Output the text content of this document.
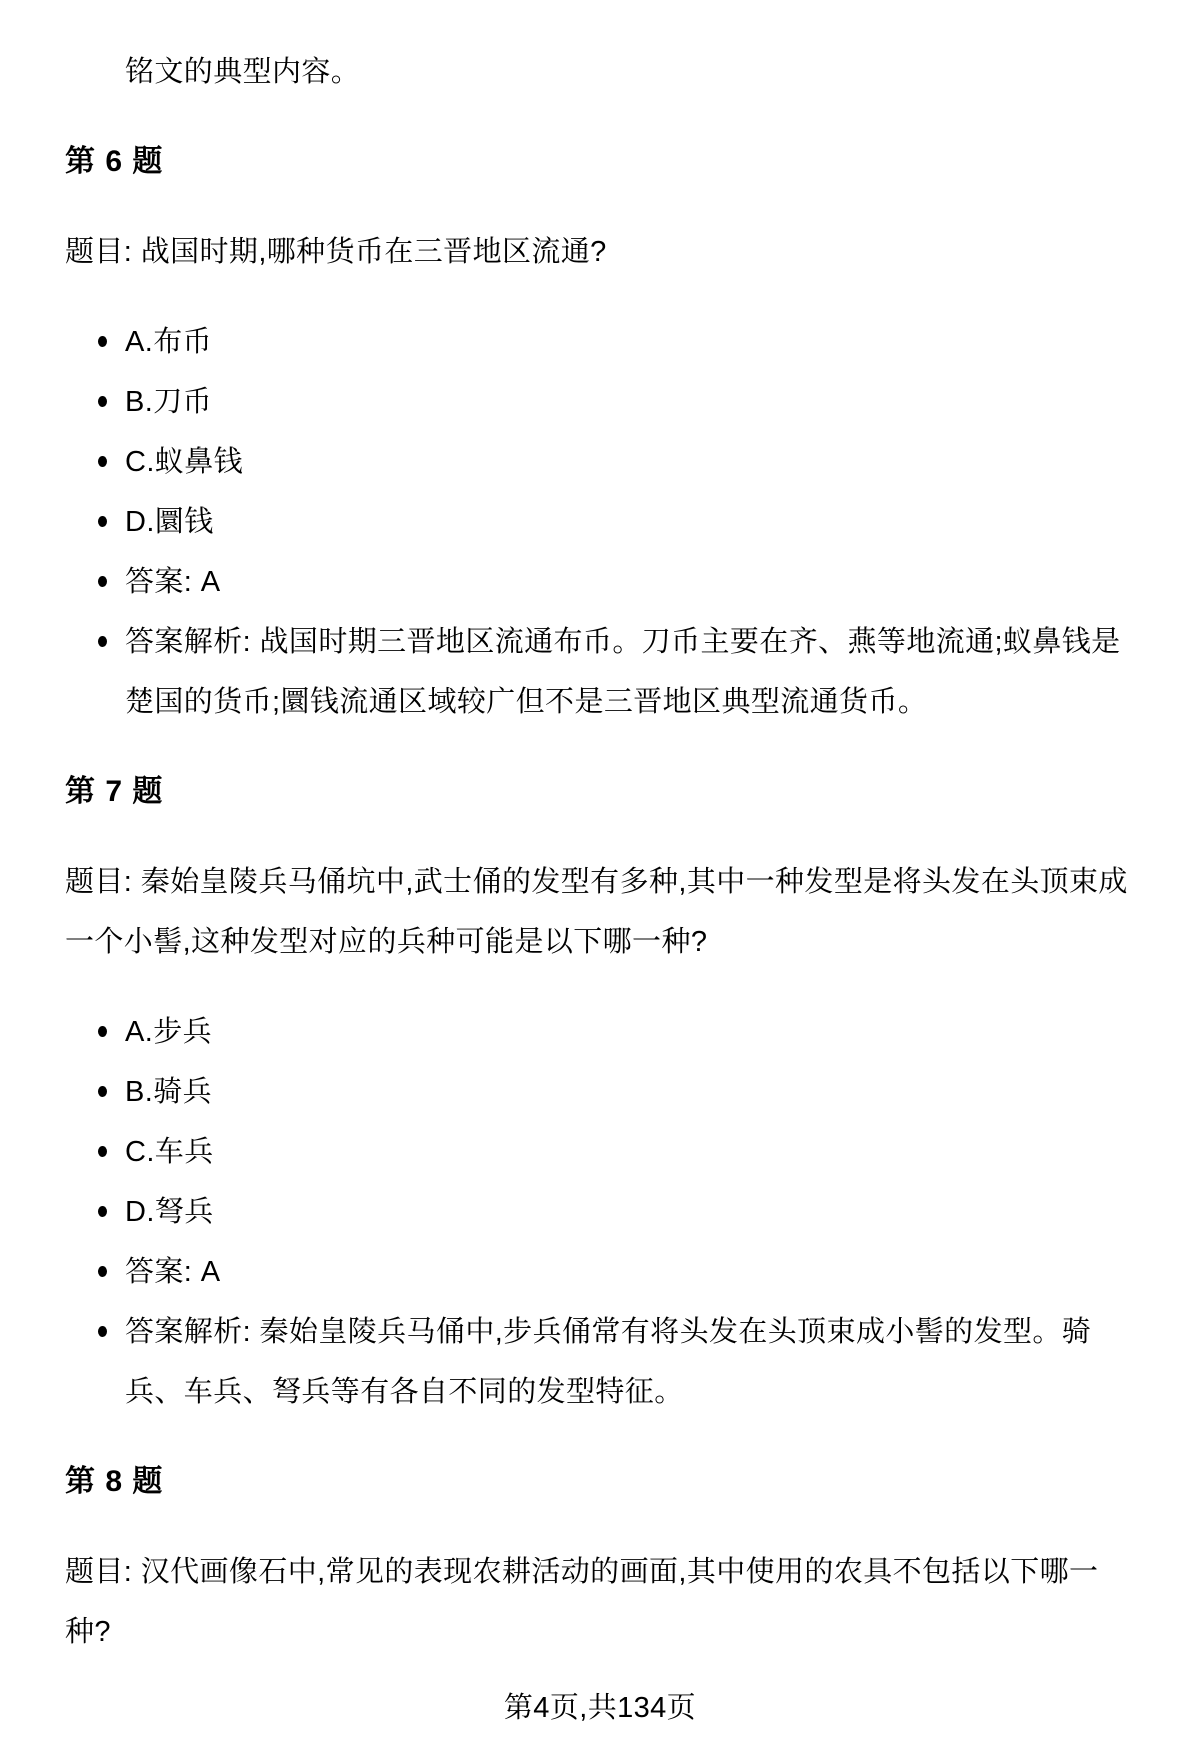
铭文的典型内容。

第 6 题

题目: 战国时期,哪种货币在三晋地区流通?

A.布币
B.刀币
C.蚁鼻钱
D.圜钱
答案: A
答案解析: 战国时期三晋地区流通布币。刀币主要在齐、燕等地流通;蚁鼻钱是楚国的货币;圜钱流通区域较广但不是三晋地区典型流通货币。
第 7 题

题目: 秦始皇陵兵马俑坑中,武士俑的发型有多种,其中一种发型是将头发在头顶束成一个小髻,这种发型对应的兵种可能是以下哪一种?

A.步兵
B.骑兵
C.车兵
D.弩兵
答案: A
答案解析: 秦始皇陵兵马俑中,步兵俑常有将头发在头顶束成小髻的发型。骑兵、车兵、弩兵等有各自不同的发型特征。
第 8 题

题目: 汉代画像石中,常见的表现农耕活动的画面,其中使用的农具不包括以下哪一种?

第4页,共134页
